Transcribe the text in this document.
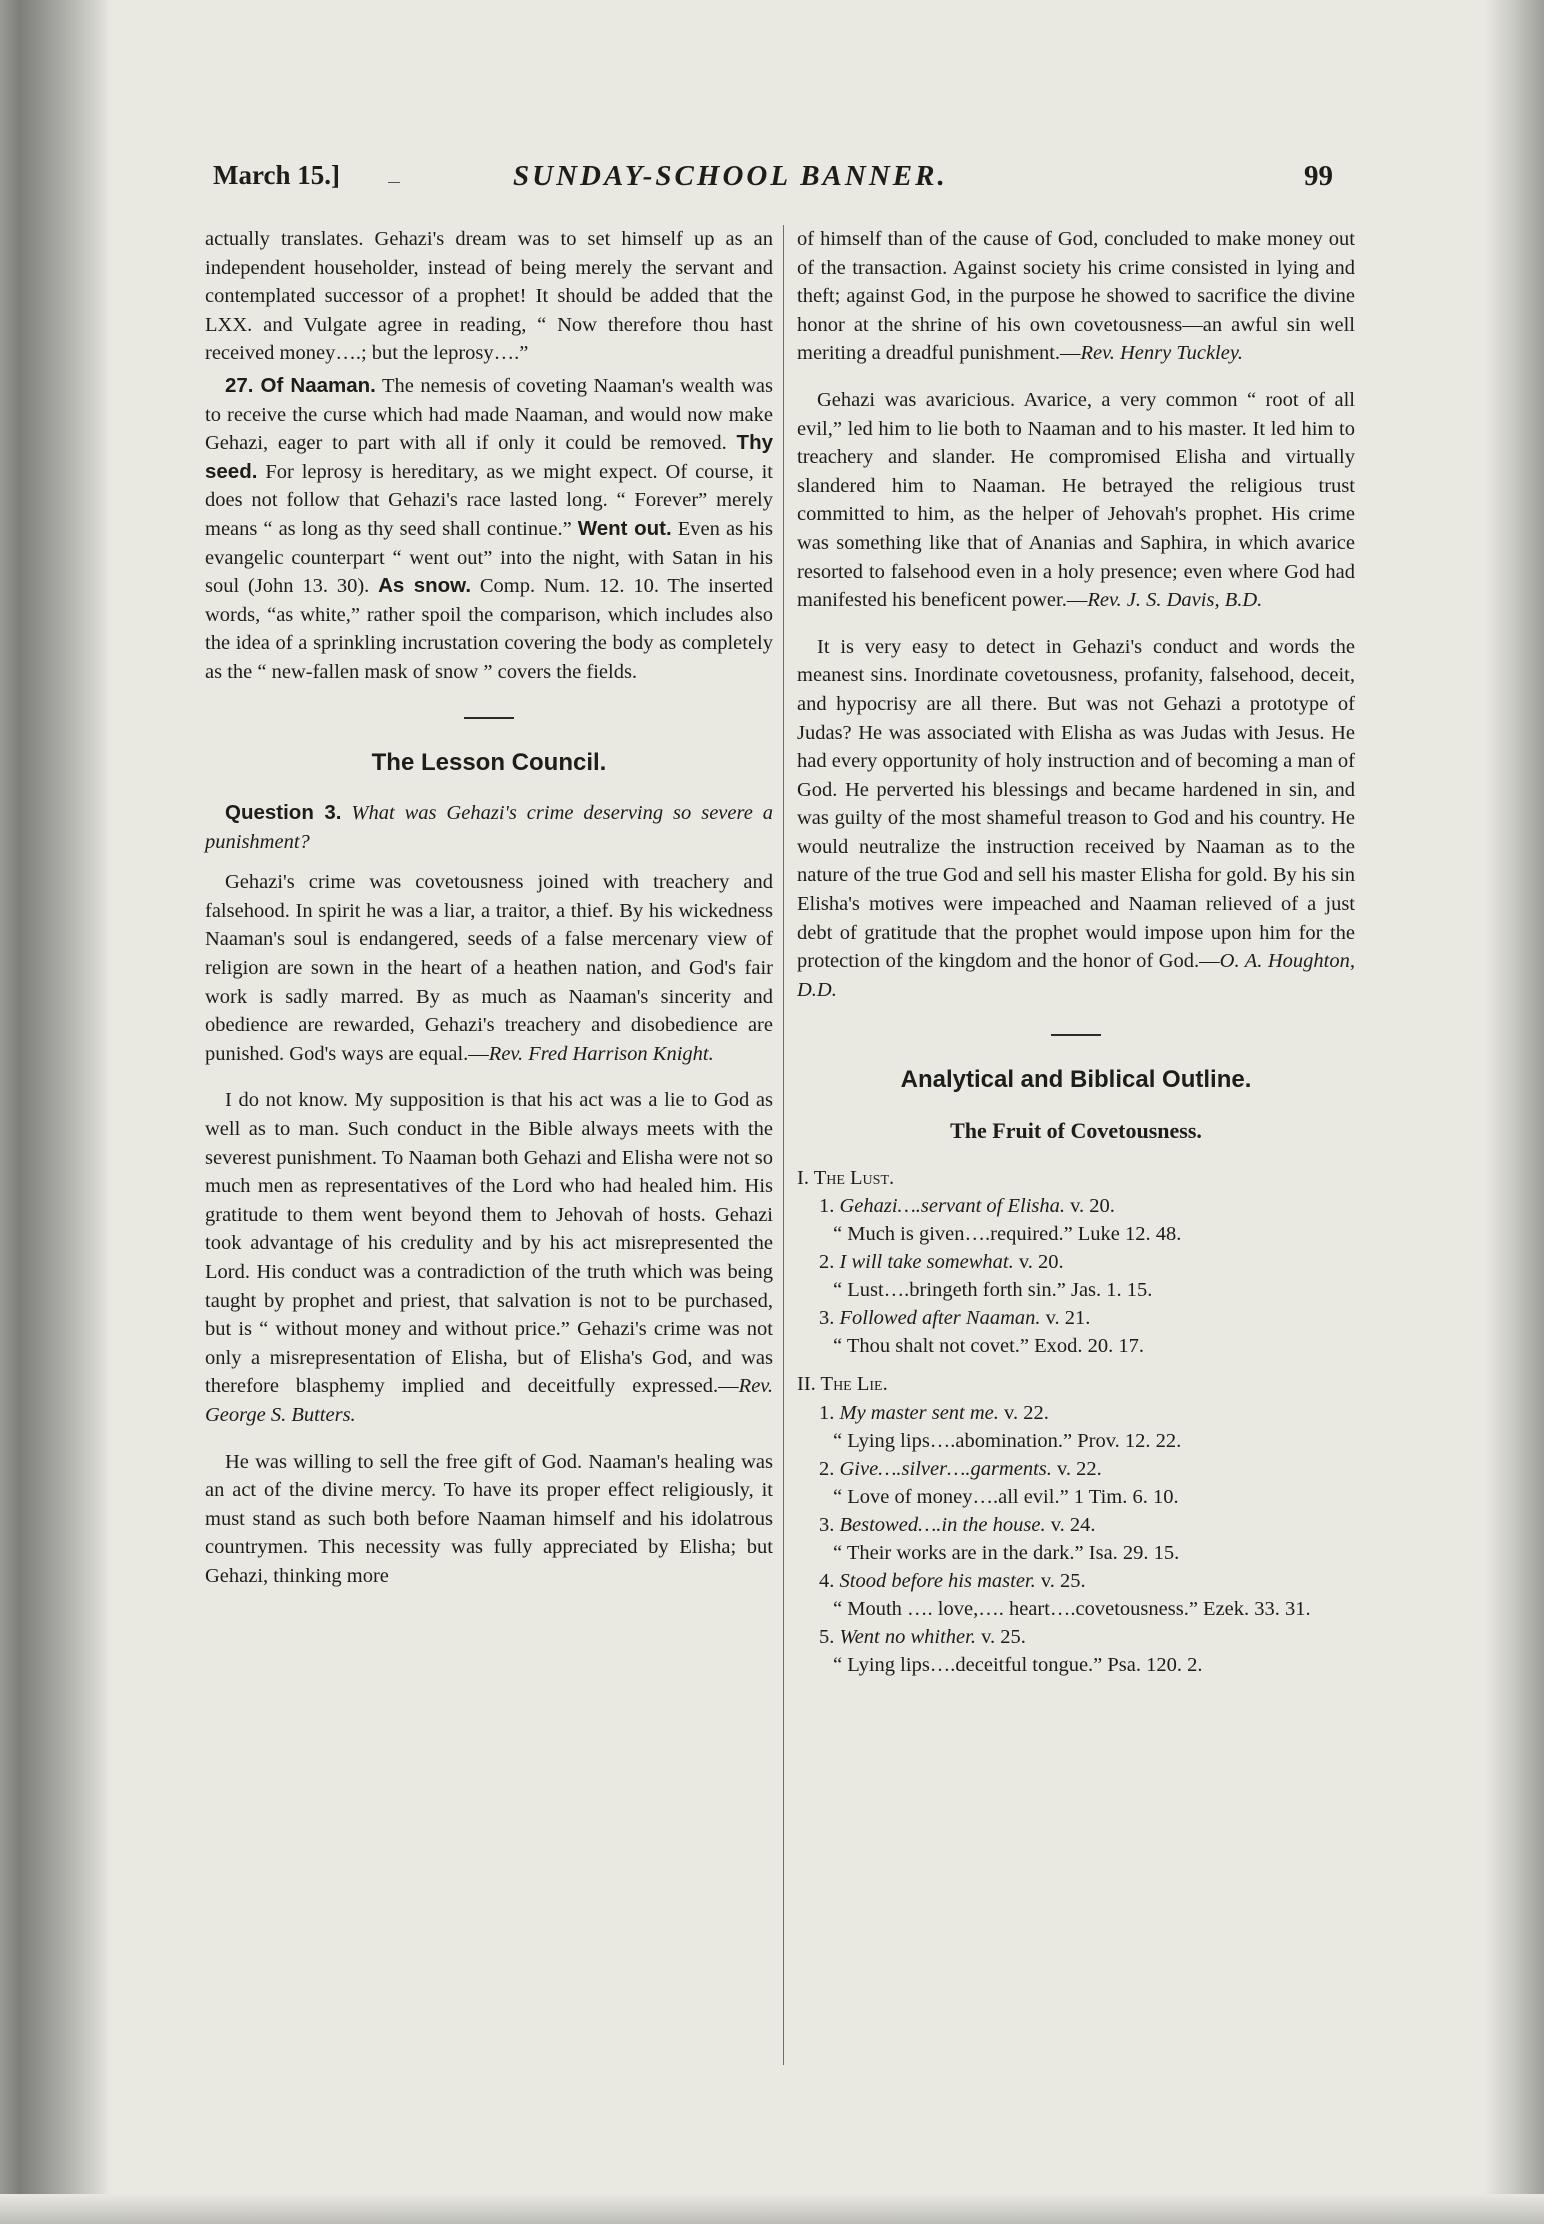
March 15.]	SUNDAY-SCHOOL BANNER.	99

actually translates. Gehazi's dream was to set himself up as an independent householder, instead of being merely the servant and contemplated successor of a prophet! It should be added that the LXX. and Vulgate agree in reading, “ Now therefore thou hast received money….; but the leprosy….”

27. Of Naaman. The nemesis of coveting Naaman's wealth was to receive the curse which had made Naaman, and would now make Gehazi, eager to part with all if only it could be removed. Thy seed. For leprosy is hereditary, as we might expect. Of course, it does not follow that Gehazi's race lasted long. “ Forever” merely means “ as long as thy seed shall continue.” Went out. Even as his evangelic counterpart “ went out” into the night, with Satan in his soul (John 13. 30). As snow. Comp. Num. 12. 10. The inserted words, “as white,” rather spoil the comparison, which includes also the idea of a sprinkling incrustation covering the body as completely as the “ new-fallen mask of snow ” covers the fields.

The Lesson Council.

Question 3. What was Gehazi's crime deserving so severe a punishment?

Gehazi's crime was covetousness joined with treachery and falsehood. In spirit he was a liar, a traitor, a thief. By his wickedness Naaman's soul is endangered, seeds of a false mercenary view of religion are sown in the heart of a heathen nation, and God's fair work is sadly marred. By as much as Naaman's sincerity and obedience are rewarded, Gehazi's treachery and disobedience are punished. God's ways are equal.—Rev. Fred Harrison Knight.

I do not know. My supposition is that his act was a lie to God as well as to man. Such conduct in the Bible always meets with the severest punishment. To Naaman both Gehazi and Elisha were not so much men as representatives of the Lord who had healed him. His gratitude to them went beyond them to Jehovah of hosts. Gehazi took advantage of his credulity and by his act misrepresented the Lord. His conduct was a contradiction of the truth which was being taught by prophet and priest, that salvation is not to be purchased, but is “ without money and without price.” Gehazi's crime was not only a misrepresentation of Elisha, but of Elisha's God, and was therefore blasphemy implied and deceitfully expressed.—Rev. George S. Butters.

He was willing to sell the free gift of God. Naaman's healing was an act of the divine mercy. To have its proper effect religiously, it must stand as such both before Naaman himself and his idolatrous countrymen. This necessity was fully appreciated by Elisha; but Gehazi, thinking more

of himself than of the cause of God, concluded to make money out of the transaction. Against society his crime consisted in lying and theft; against God, in the purpose he showed to sacrifice the divine honor at the shrine of his own covetousness—an awful sin well meriting a dreadful punishment.—Rev. Henry Tuckley.

Gehazi was avaricious. Avarice, a very common “ root of all evil,” led him to lie both to Naaman and to his master. It led him to treachery and slander. He compromised Elisha and virtually slandered him to Naaman. He betrayed the religious trust committed to him, as the helper of Jehovah's prophet. His crime was something like that of Ananias and Saphira, in which avarice resorted to falsehood even in a holy presence; even where God had manifested his beneficent power.—Rev. J. S. Davis, B.D.

It is very easy to detect in Gehazi's conduct and words the meanest sins. Inordinate covetousness, profanity, falsehood, deceit, and hypocrisy are all there. But was not Gehazi a prototype of Judas? He was associated with Elisha as was Judas with Jesus. He had every opportunity of holy instruction and of becoming a man of God. He perverted his blessings and became hardened in sin, and was guilty of the most shameful treason to God and his country. He would neutralize the instruction received by Naaman as to the nature of the true God and sell his master Elisha for gold. By his sin Elisha's motives were impeached and Naaman relieved of a just debt of gratitude that the prophet would impose upon him for the protection of the kingdom and the honor of God.—O. A. Houghton, D.D.

Analytical and Biblical Outline.
The Fruit of Covetousness.
I. The Lust.
1. Gehazi….servant of Elisha. v. 20.
“ Much is given….required.” Luke 12. 48.
2. I will take somewhat. v. 20.
“ Lust….bringeth forth sin.” Jas. 1. 15.
3. Followed after Naaman. v. 21.
“ Thou shalt not covet.” Exod. 20. 17.
II. The Lie.
1. My master sent me. v. 22.
“ Lying lips….abomination.” Prov. 12. 22.
2. Give….silver….garments. v. 22.
“ Love of money….all evil.” 1 Tim. 6. 10.
3. Bestowed….in the house. v. 24.
“ Their works are in the dark.” Isa. 29. 15.
4. Stood before his master. v. 25.
“ Mouth …. love,…. heart….covetousness.” Ezek. 33. 31.
5. Went no whither. v. 25.
“ Lying lips….deceitful tongue.” Psa. 120. 2.
